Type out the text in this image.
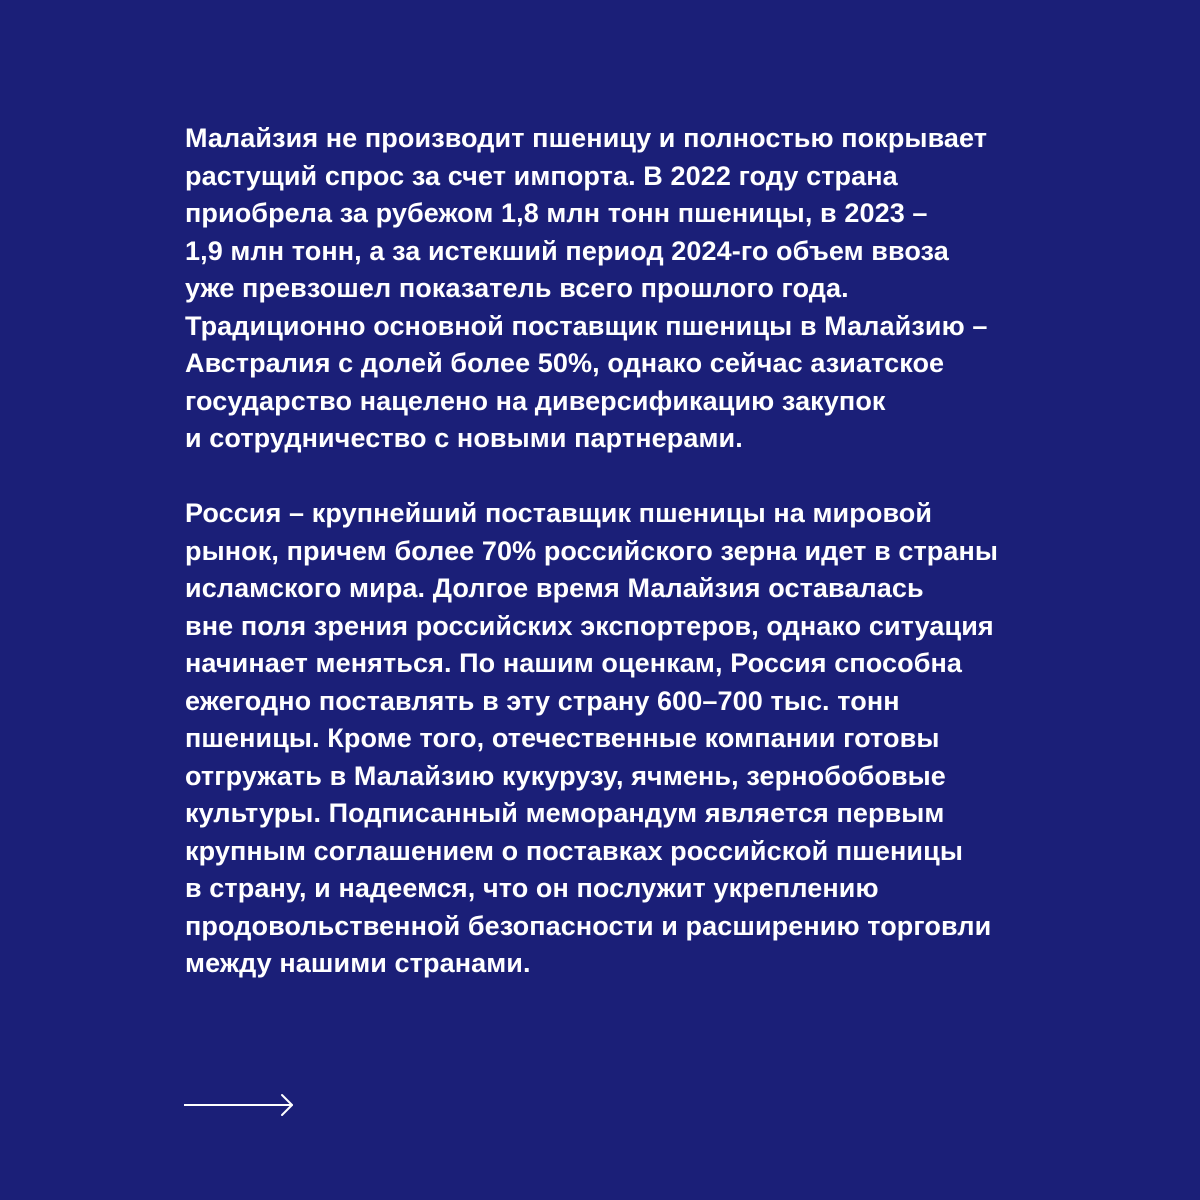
Малайзия не производит пшеницу и полностью покрывает
растущий спрос за счет импорта. В 2022 году страна
приобрела за рубежом 1,8 млн тонн пшеницы, в 2023 –
1,9 млн тонн, а за истекший период 2024-го объем ввоза
уже превзошел показатель всего прошлого года.
Традиционно основной поставщик пшеницы в Малайзию –
Австралия с долей более 50%, однако сейчас азиатское
государство нацелено на диверсификацию закупок
и сотрудничество с новыми партнерами.

Россия – крупнейший поставщик пшеницы на мировой
рынок, причем более 70% российского зерна идет в страны
исламского мира. Долгое время Малайзия оставалась
вне поля зрения российских экспортеров, однако ситуация
начинает меняться. По нашим оценкам, Россия способна
ежегодно поставлять в эту страну 600–700 тыс. тонн
пшеницы. Кроме того, отечественные компании готовы
отгружать в Малайзию кукурузу, ячмень, зернобобовые
культуры. Подписанный меморандум является первым
крупным соглашением о поставках российской пшеницы
в страну, и надеемся, что он послужит укреплению
продовольственной безопасности и расширению торговли
между нашими странами.
